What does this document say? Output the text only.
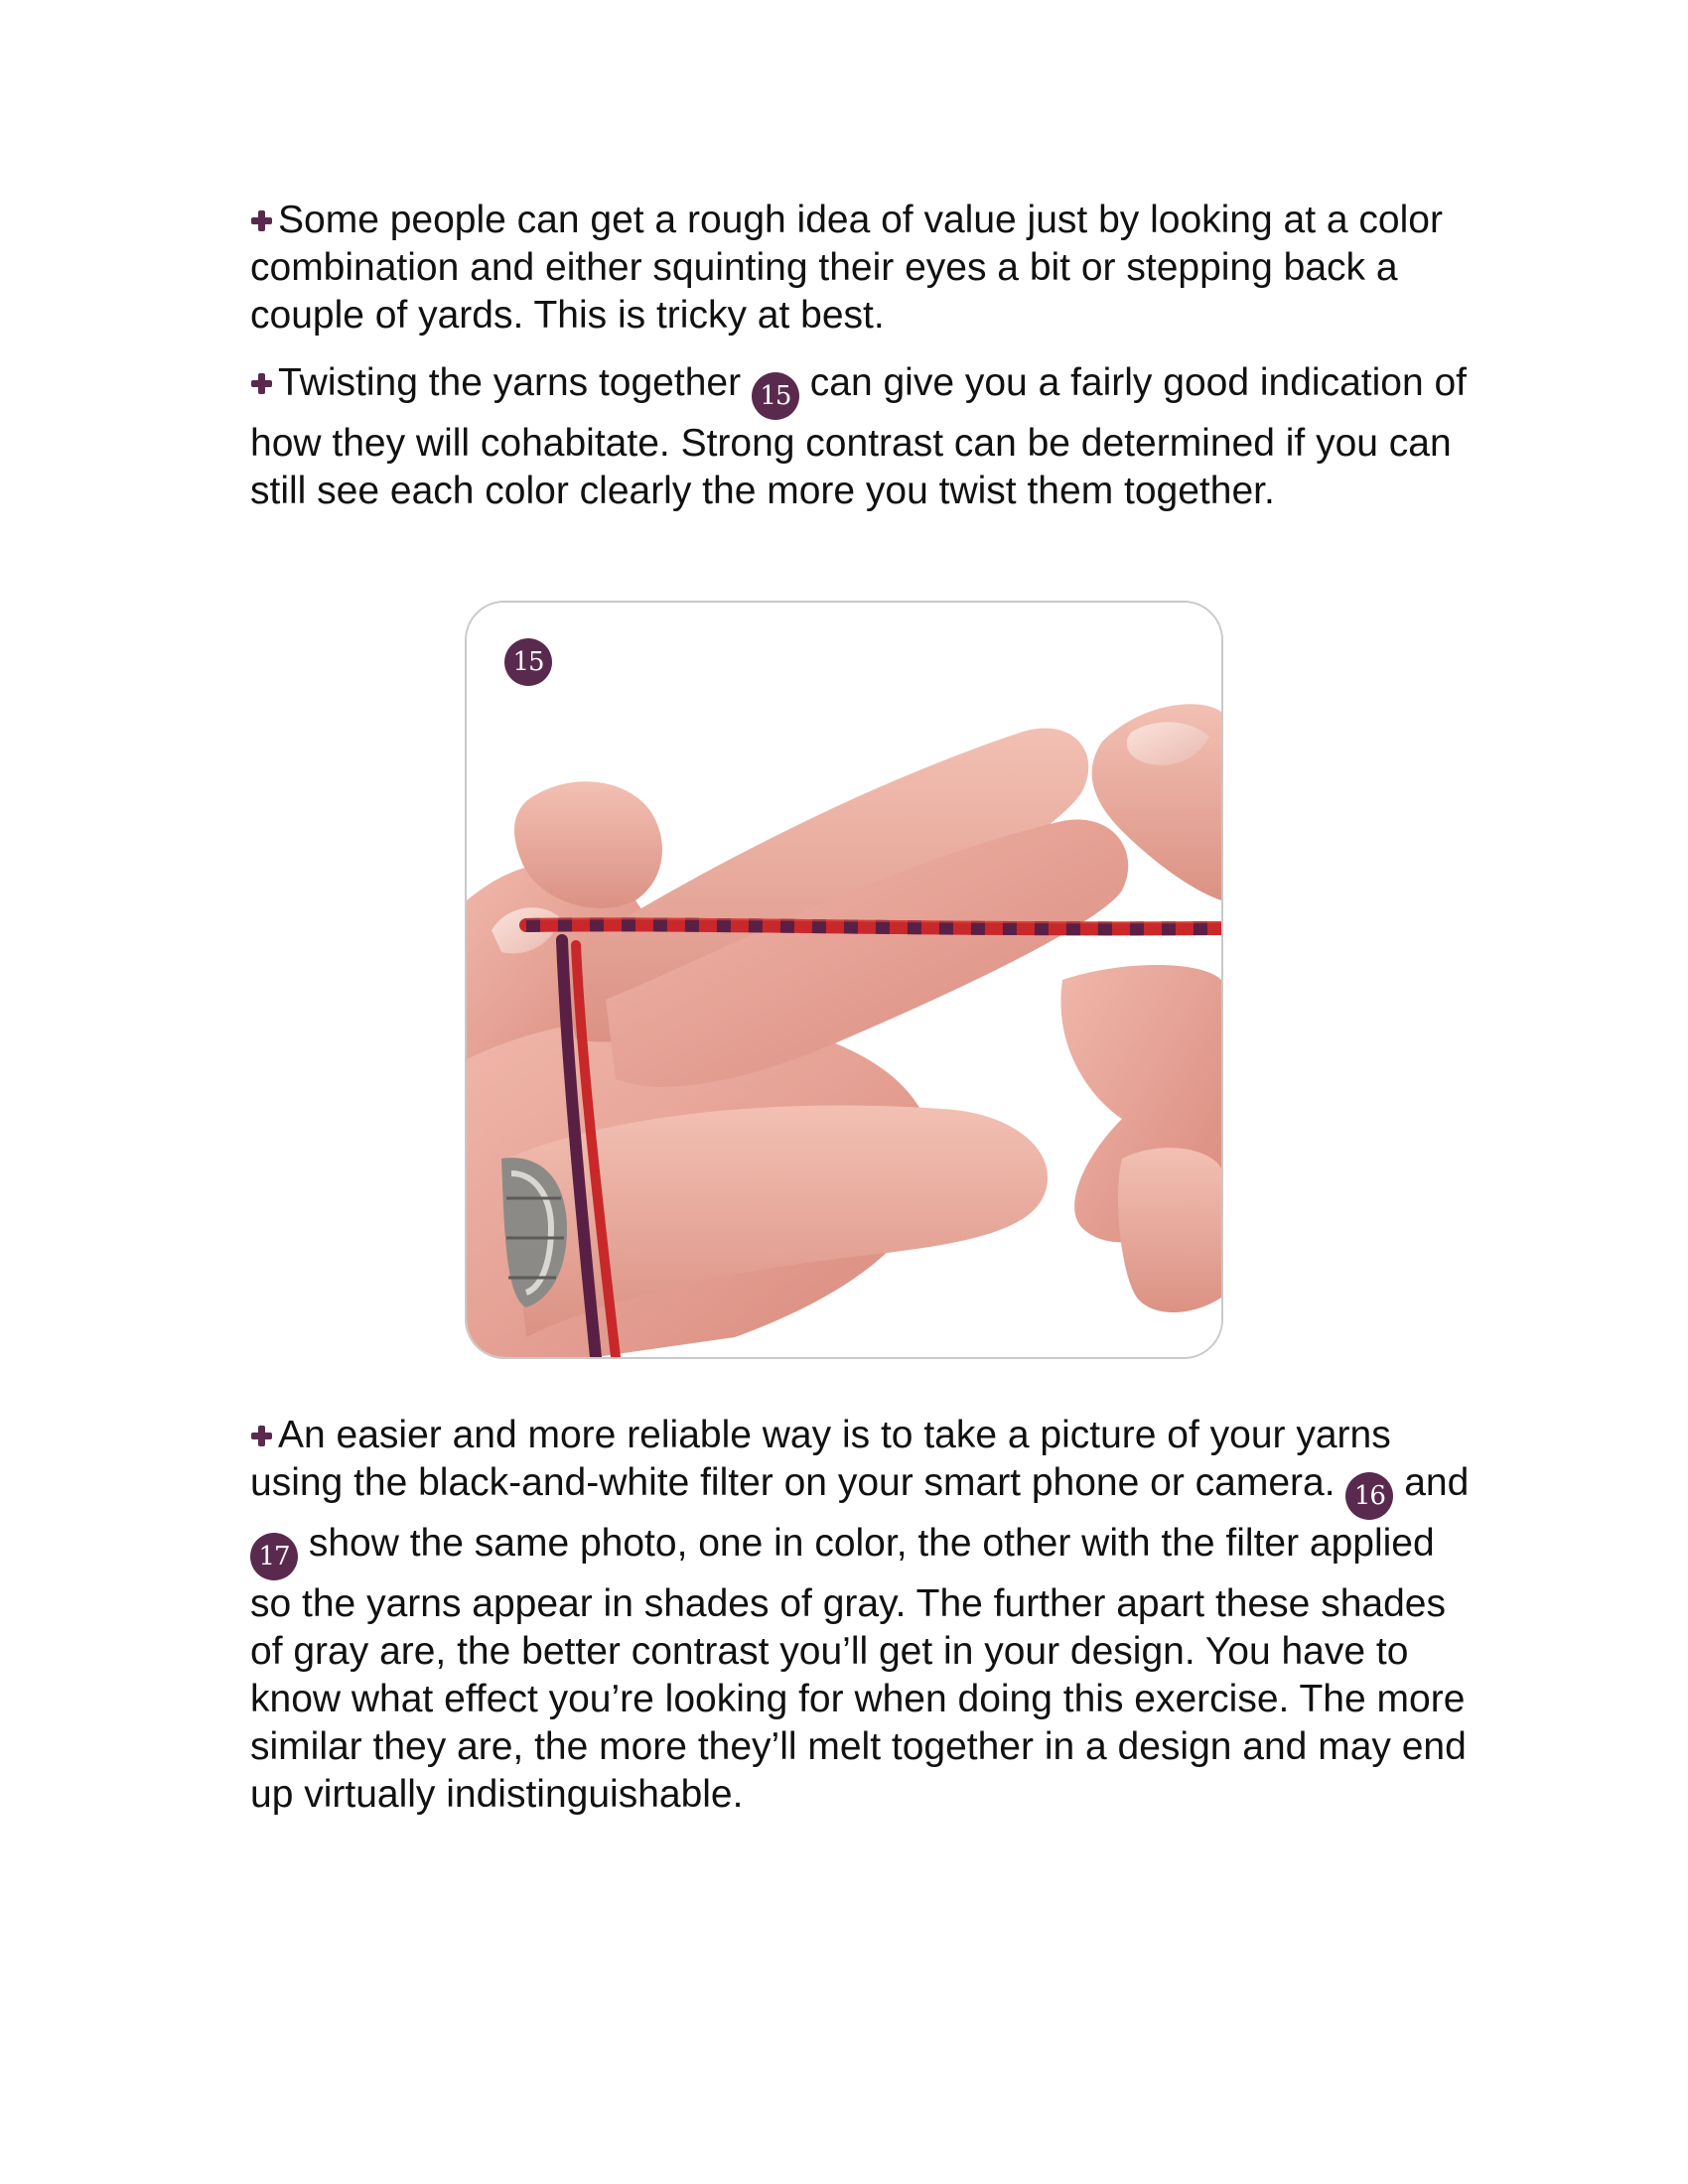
Some people can get a rough idea of value just by looking at a color combination and either squinting their eyes a bit or stepping back a couple of yards. This is tricky at best.

Twisting the yarns together 15 can give you a fairly good indication of how they will cohabitate. Strong contrast can be determined if you can still see each color clearly the more you twist them together.

15

An easier and more reliable way is to take a picture of your yarns using the black-and-white filter on your smart phone or camera. 16 and 17 show the same photo, one in color, the other with the filter applied so the yarns appear in shades of gray. The further apart these shades of gray are, the better contrast you’ll get in your design. You have to know what effect you’re looking for when doing this exercise. The more similar they are, the more they’ll melt together in a design and may end up virtually indistinguishable.
